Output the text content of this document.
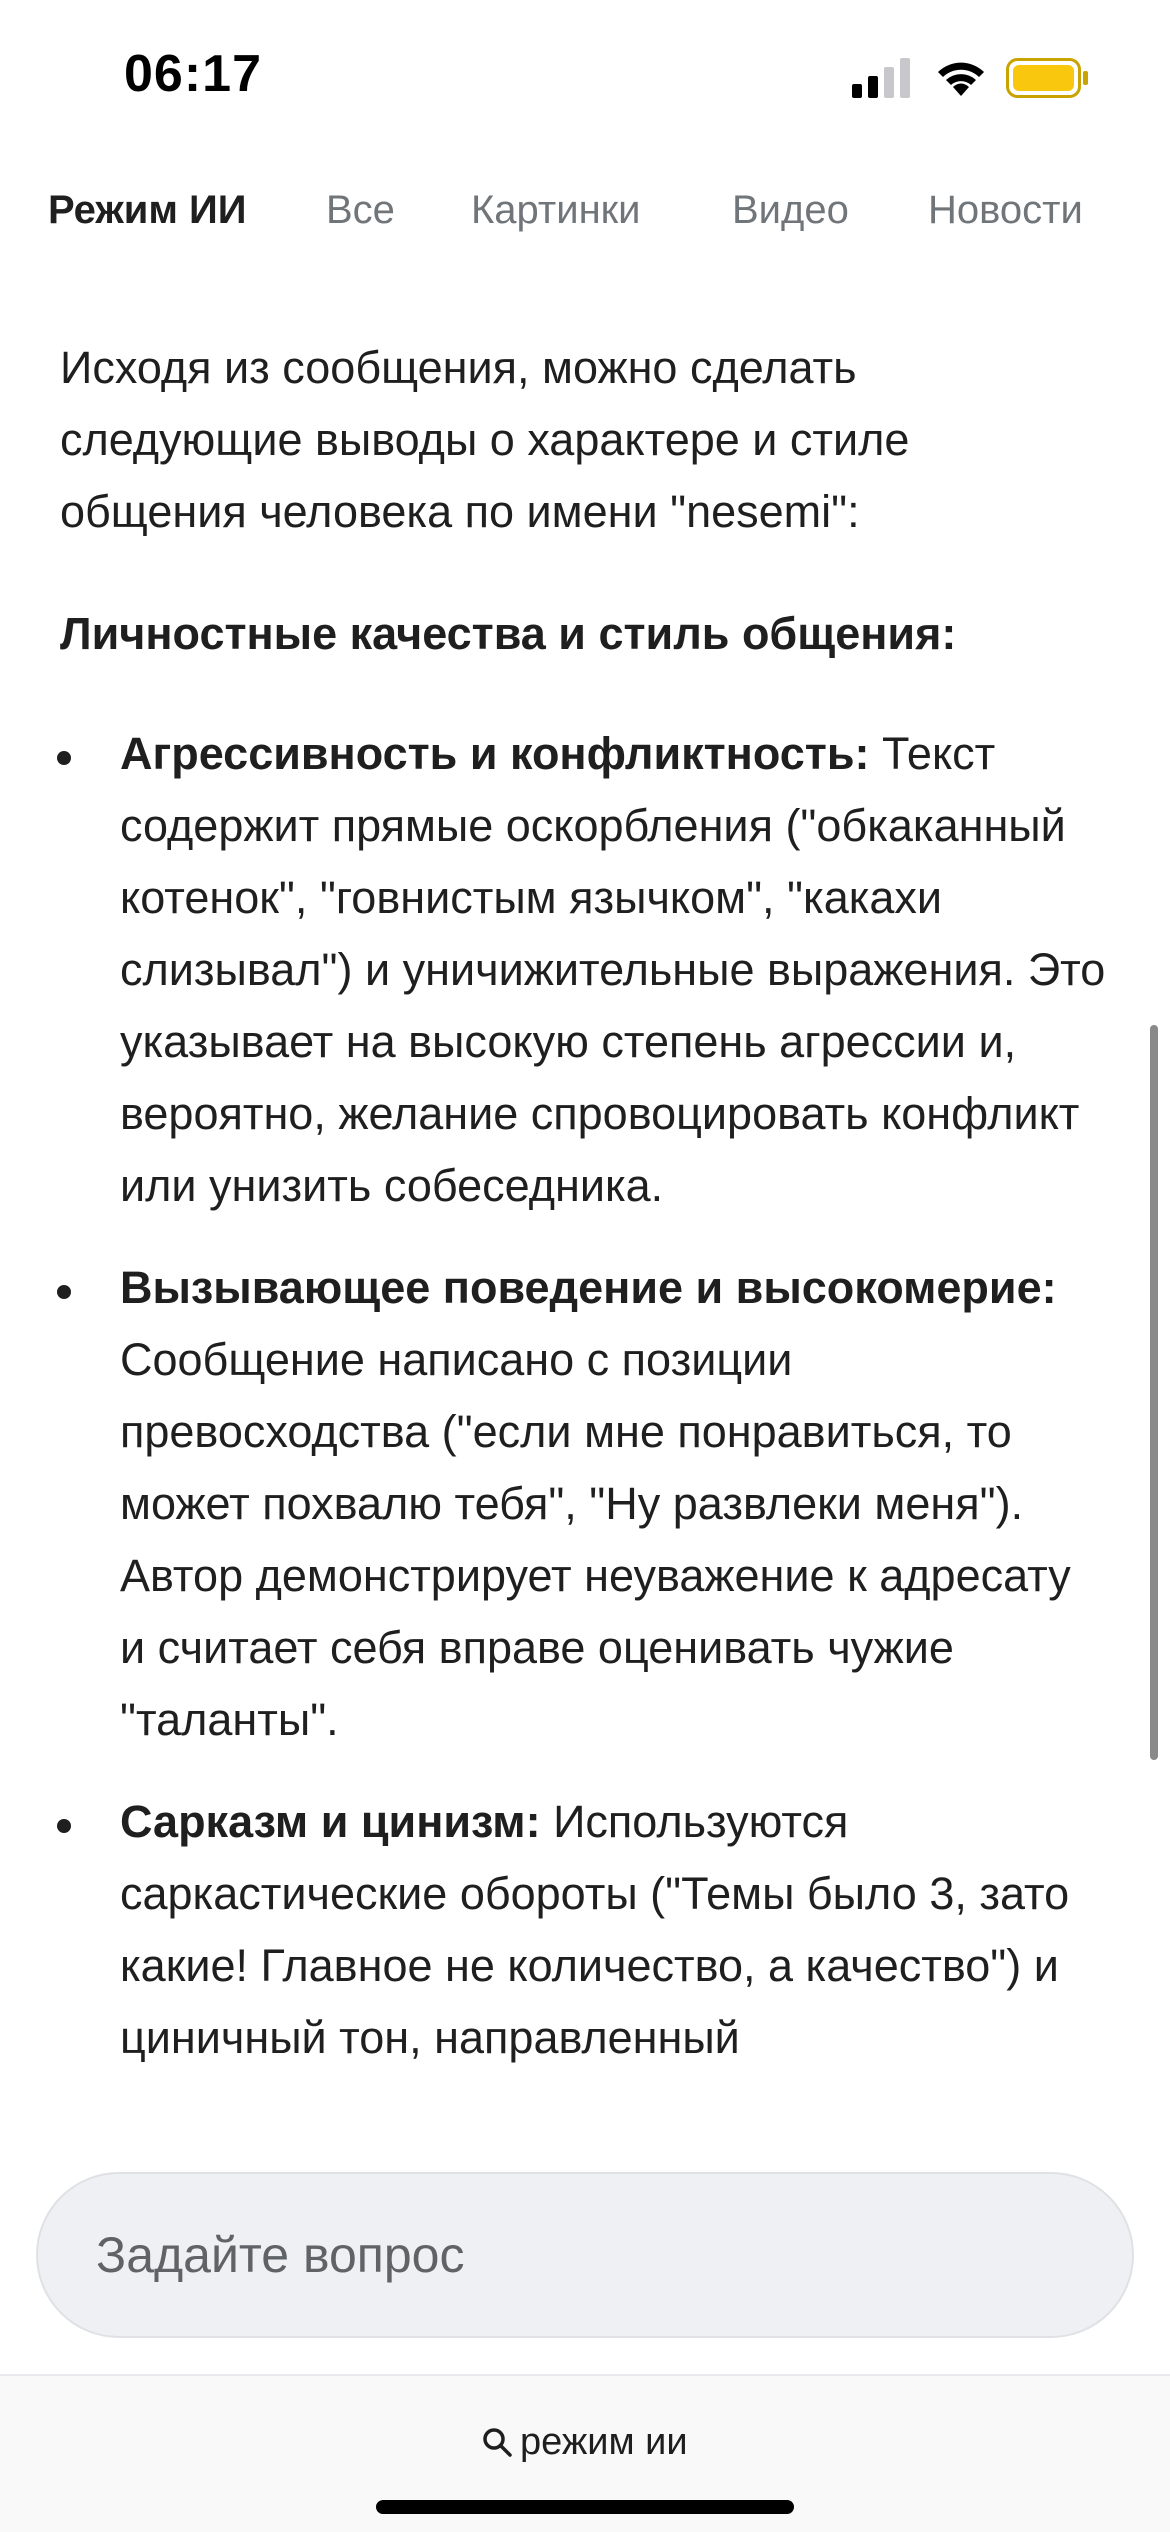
06:17
Режим ИИ Все Картинки Видео Новости

Исходя из сообщения, можно сделать следующие выводы о характере и стиле общения человека по имени "nesemi":

Личностные качества и стиль общения:

Агрессивность и конфликтность: Текст содержит прямые оскорбления ("обкаканный котенок", "говнистым язычком", "какахи слизывал") и уничижительные выражения. Это указывает на высокую степень агрессии и, вероятно, желание спровоцировать конфликт или унизить собеседника.
Вызывающее поведение и высокомерие: Сообщение написано с позиции превосходства ("если мне понравиться, то может похвалю тебя", "Ну развлеки меня"). Автор демонстрирует неуважение к адресату и считает себя вправе оценивать чужие "таланты".
Сарказм и цинизм: Используются саркастические обороты ("Темы было 3, зато какие! Главное не количество, а качество") и циничный тон, направленный
Задайте вопрос
режим ии
